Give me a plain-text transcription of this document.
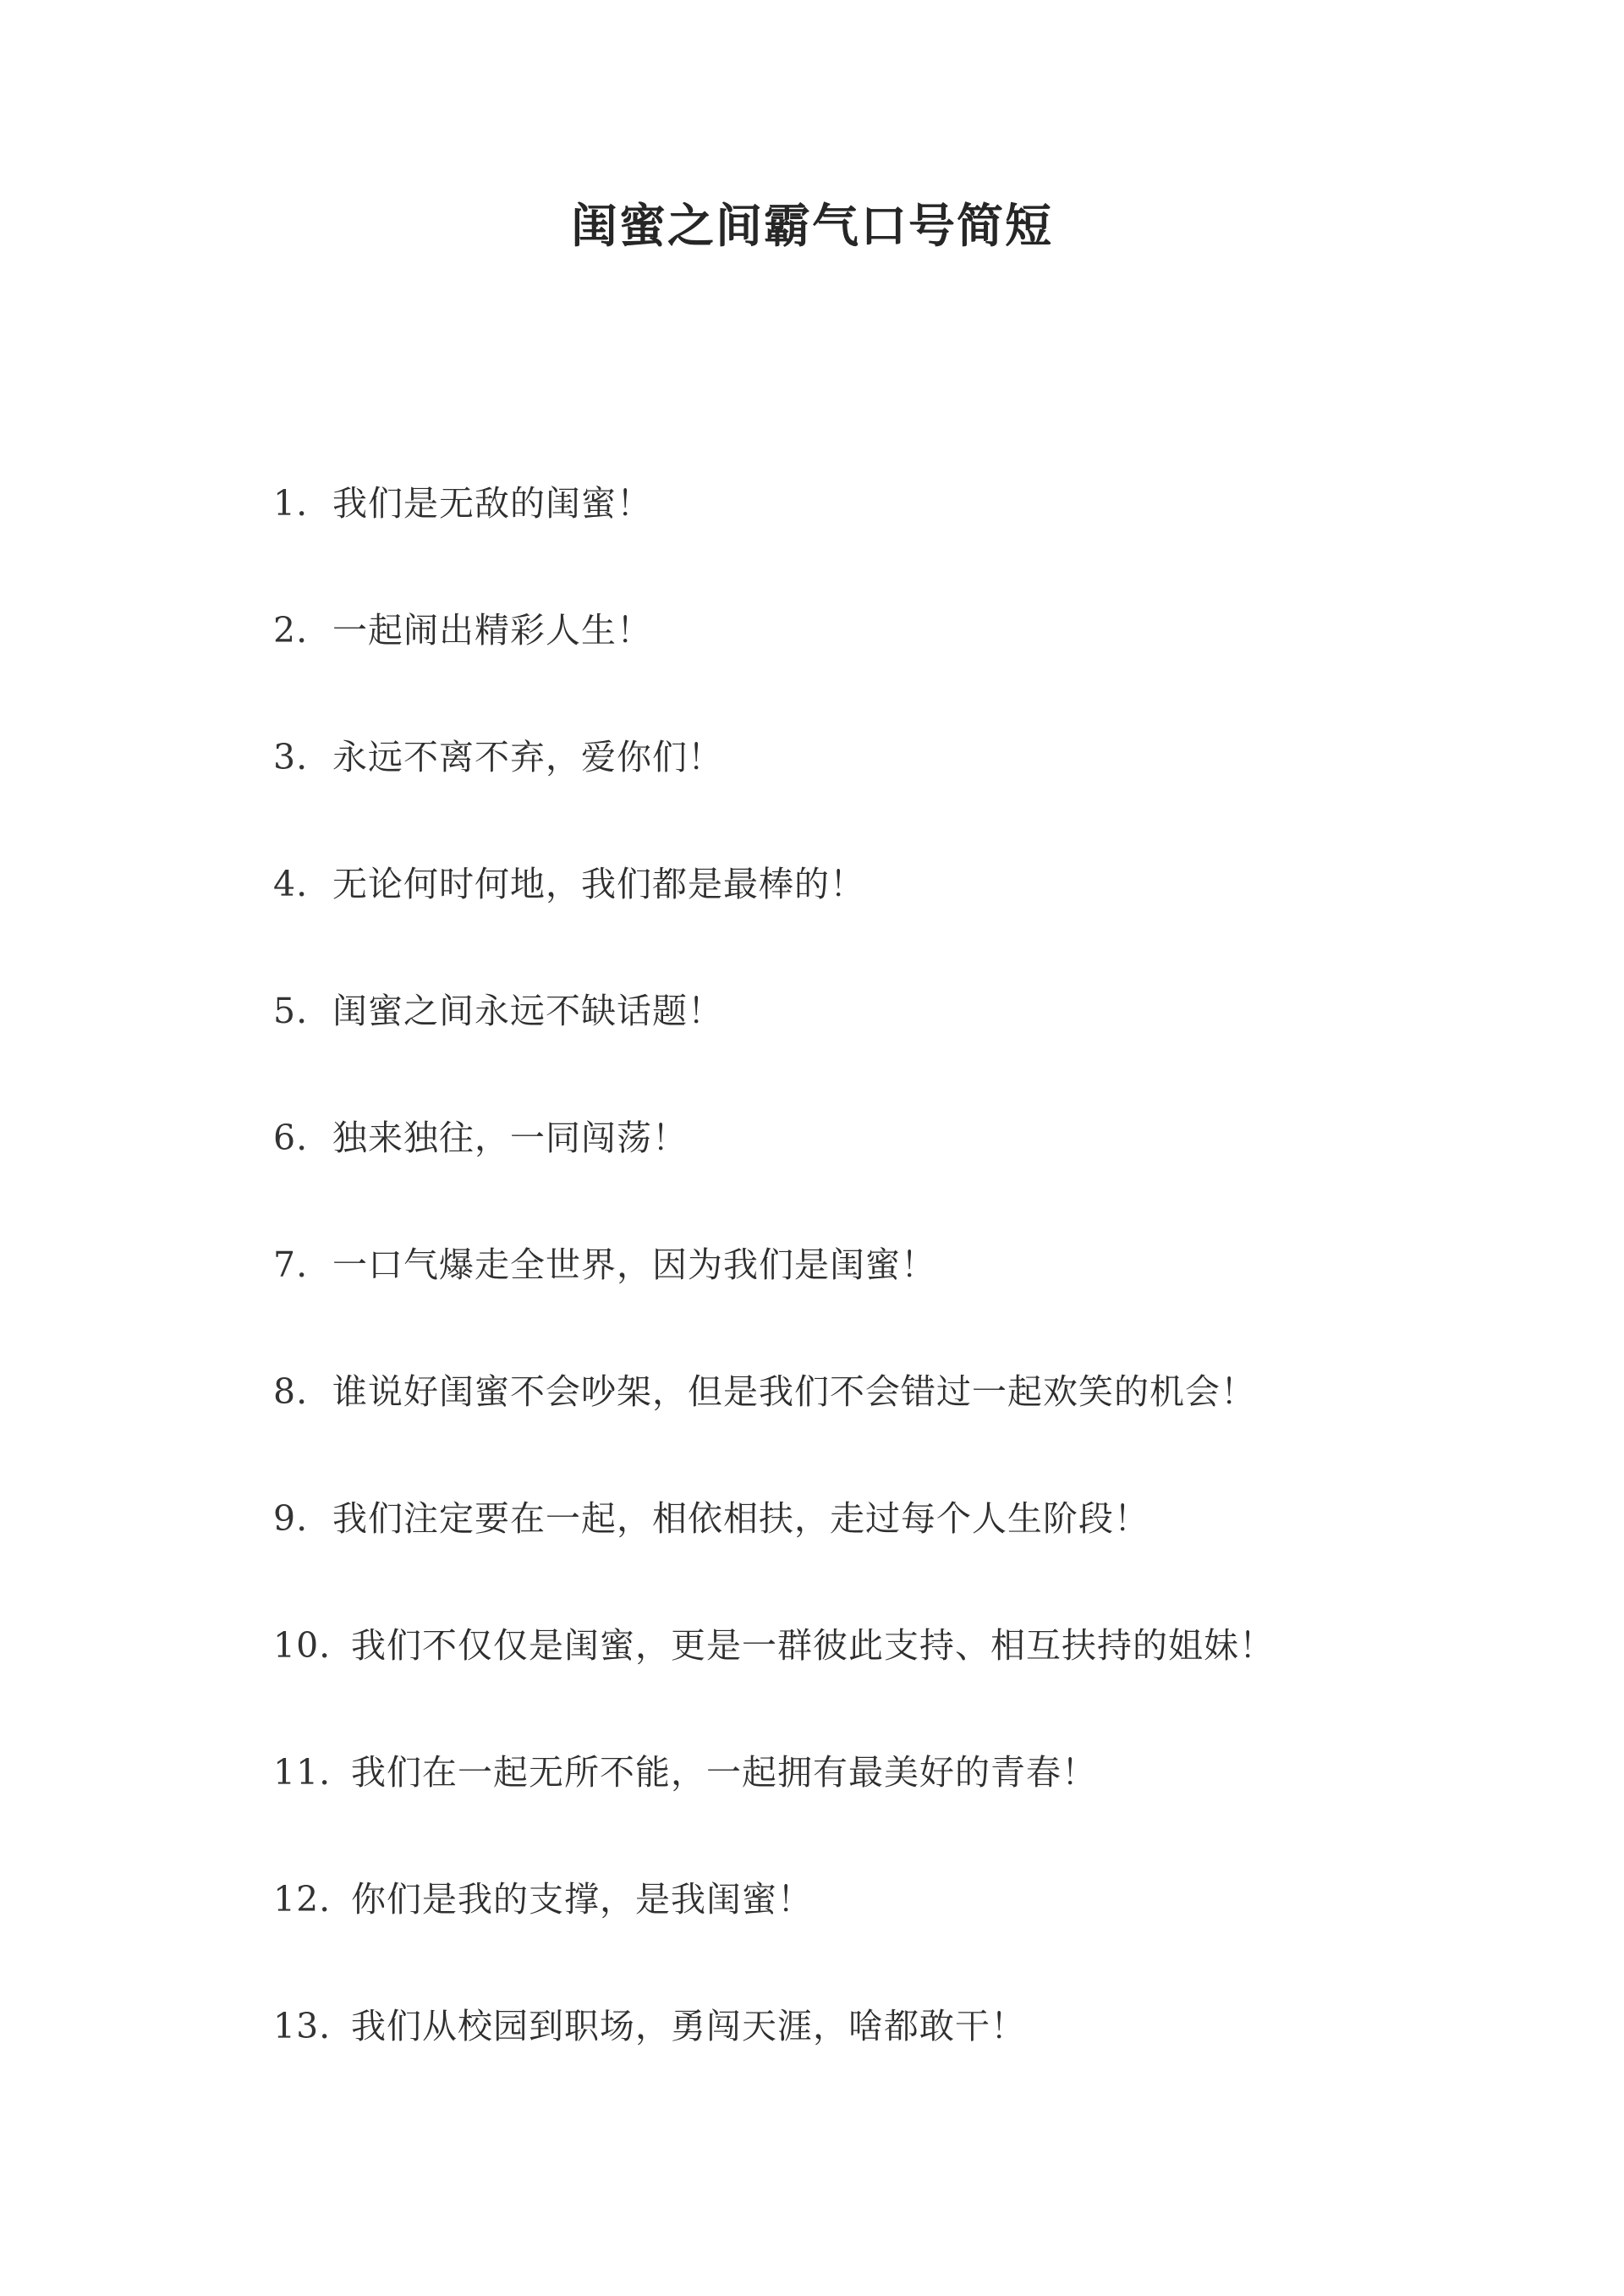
闺蜜之间霸气口号简短
1. 我们是无敌的闺蜜！
2. 一起闹出精彩人生！
3. 永远不离不弃，爱你们！
4. 无论何时何地，我们都是最棒的！
5. 闺蜜之间永远不缺话题！
6. 独来独往，一同闯荡！
7. 一口气爆走全世界，因为我们是闺蜜！
8. 谁说好闺蜜不会吵架，但是我们不会错过一起欢笑的机会！
9. 我们注定要在一起，相依相扶，走过每个人生阶段！
10. 我们不仅仅是闺蜜，更是一群彼此支持、相互扶持的姐妹！
11. 我们在一起无所不能，一起拥有最美好的青春！
12. 你们是我的支撑，是我闺蜜！
13. 我们从校园到职场，勇闯天涯，啥都敢干！
